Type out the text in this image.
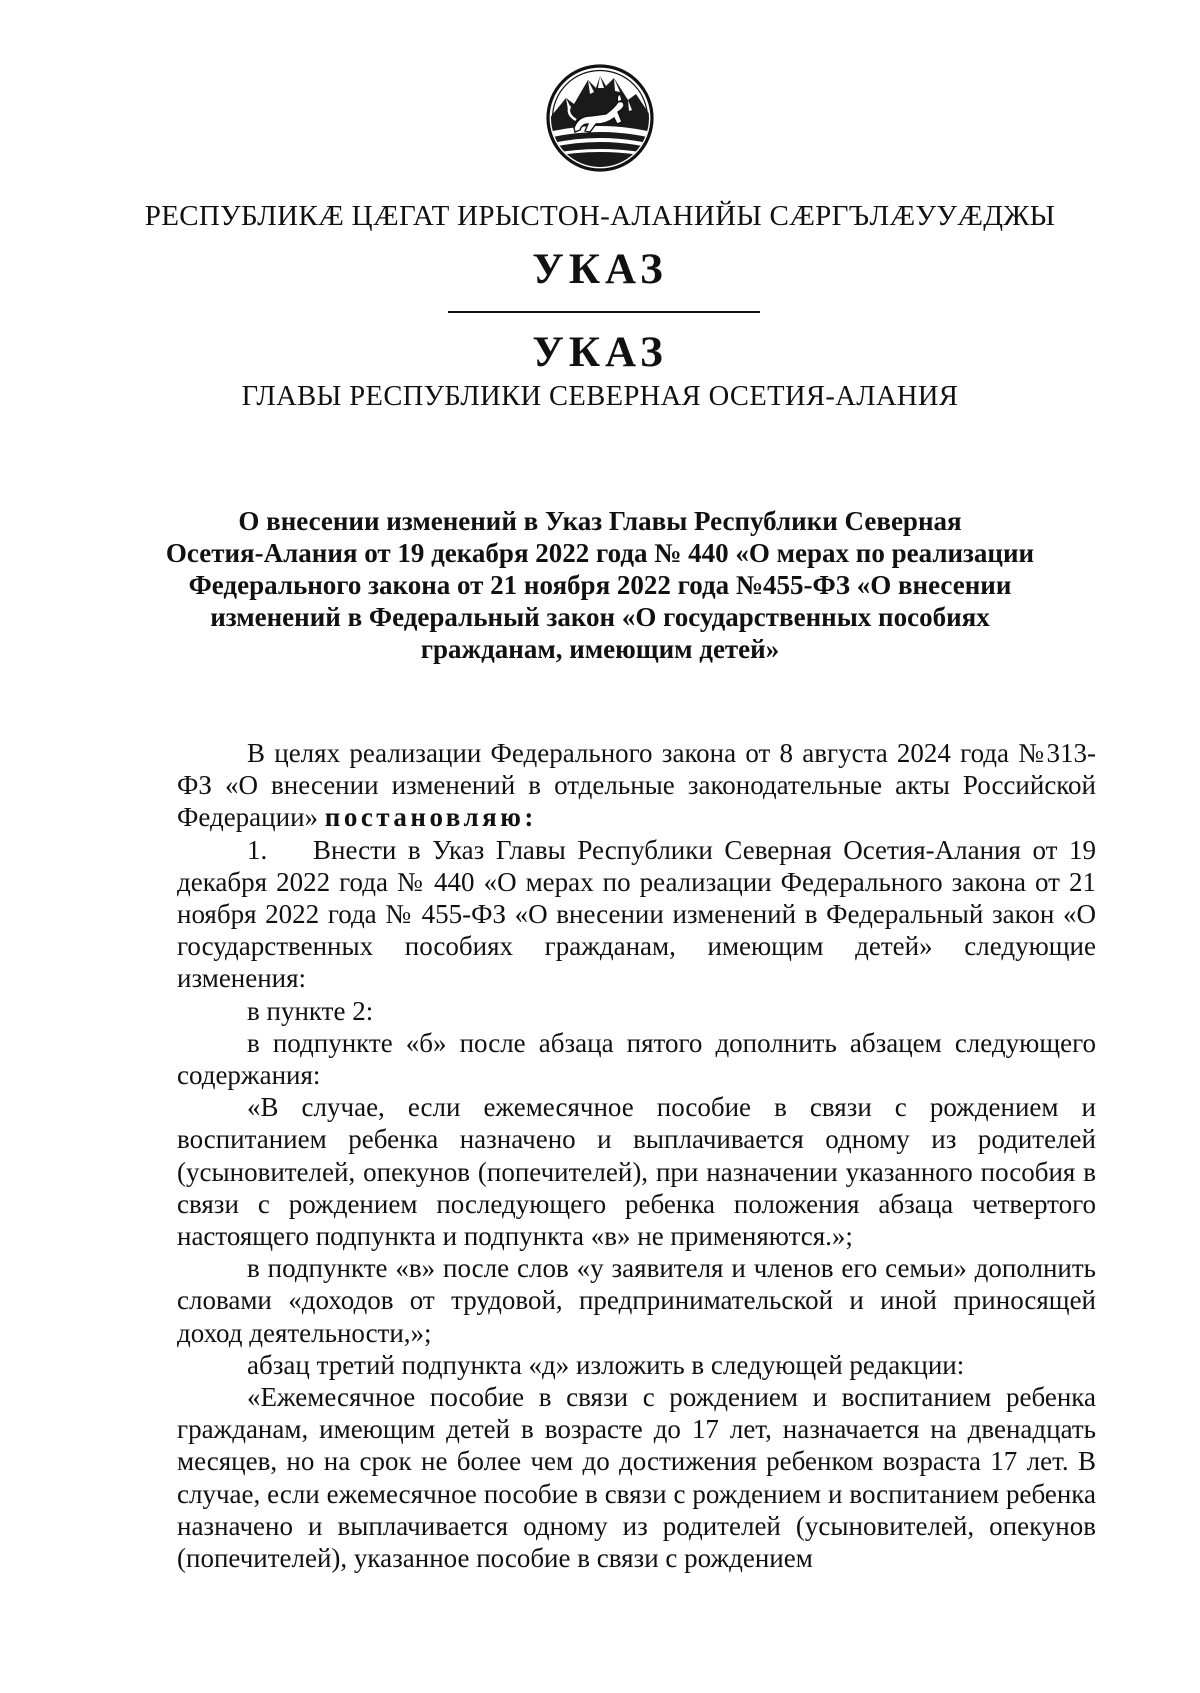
РЕСПУБЛИКӔ ЦӔГАТ ИРЫСТОН-АЛАНИЙЫ СӔРГЪЛӔУУӔДЖЫ
УКАЗ
УКАЗ
ГЛАВЫ РЕСПУБЛИКИ СЕВЕРНАЯ ОСЕТИЯ-АЛАНИЯ
О внесении изменений в Указ Главы Республики Северная
Осетия-Алания от 19 декабря 2022 года № 440 «О мерах по реализации
Федерального закона от 21 ноября 2022 года №455-ФЗ «О внесении
изменений в Федеральный закон «О государственных пособиях
гражданам, имеющим детей»

В целях реализации Федерального закона от 8 августа 2024 года №313-ФЗ «О внесении изменений в отдельные законодательные акты Российской Федерации» постановляю:

1. Внести в Указ Главы Республики Северная Осетия-Алания от 19 декабря 2022 года № 440 «О мерах по реализации Федерального закона от 21 ноября 2022 года № 455-ФЗ «О внесении изменений в Федеральный закон «О государственных пособиях гражданам, имеющим детей» следующие изменения:

в пункте 2:

в подпункте «б» после абзаца пятого дополнить абзацем следующего содержания:

«В случае, если ежемесячное пособие в связи с рождением и воспитанием ребенка назначено и выплачивается одному из родителей (усыновителей, опекунов (попечителей), при назначении указанного пособия в связи с рождением последующего ребенка положения абзаца четвертого настоящего подпункта и подпункта «в» не применяются.»;

в подпункте «в» после слов «у заявителя и членов его семьи» дополнить словами «доходов от трудовой, предпринимательской и иной приносящей доход деятельности,»;

абзац третий подпункта «д» изложить в следующей редакции:

«Ежемесячное пособие в связи с рождением и воспитанием ребенка гражданам, имеющим детей в возрасте до 17 лет, назначается на двенадцать месяцев, но на срок не более чем до достижения ребенком возраста 17 лет. В случае, если ежемесячное пособие в связи с рождением и воспитанием ребенка назначено и выплачивается одному из родителей (усыновителей, опекунов (попечителей), указанное пособие в связи с рождением
